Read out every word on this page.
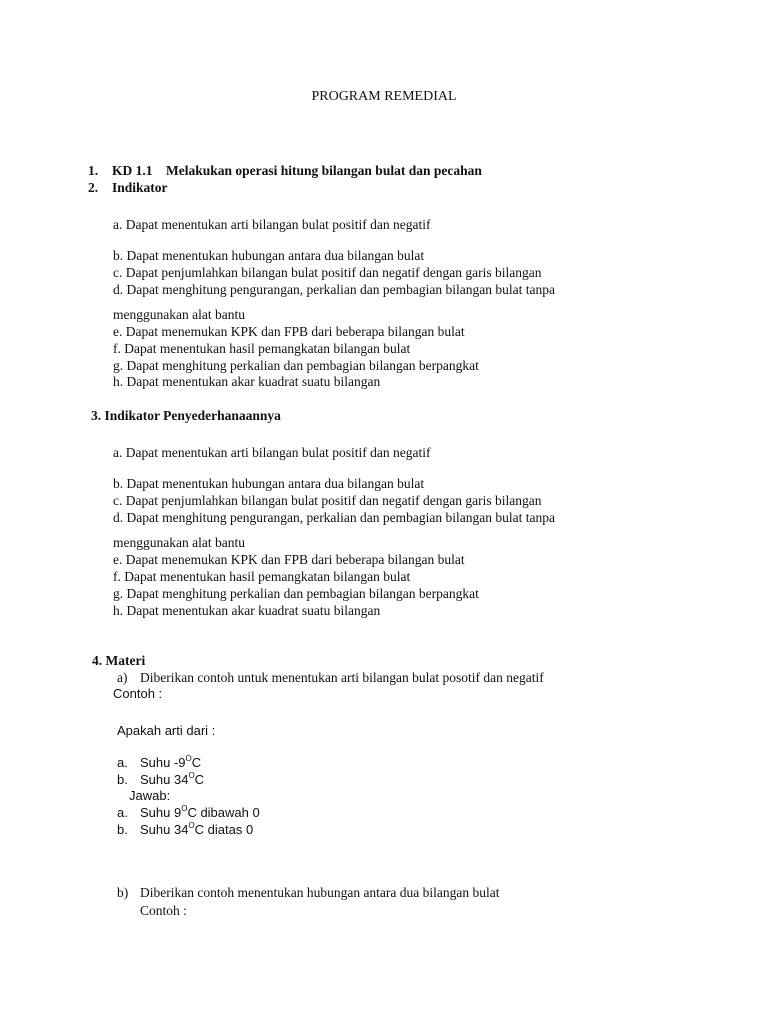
PROGRAM REMEDIAL
1. KD 1.1 Melakukan operasi hitung bilangan bulat dan pecahan
2. Indikator
a. Dapat menentukan arti bilangan bulat positif dan negatif
b. Dapat menentukan hubungan antara dua bilangan bulat
c. Dapat penjumlahkan bilangan bulat positif dan negatif dengan garis bilangan
d. Dapat menghitung pengurangan, perkalian dan pembagian bilangan bulat tanpa
menggunakan alat bantu
e. Dapat menemukan KPK dan FPB dari beberapa bilangan bulat
f. Dapat menentukan hasil pemangkatan bilangan bulat
g. Dapat menghitung perkalian dan pembagian bilangan berpangkat
h. Dapat menentukan akar kuadrat suatu bilangan
3. Indikator Penyederhanaannya
a. Dapat menentukan arti bilangan bulat positif dan negatif
b. Dapat menentukan hubungan antara dua bilangan bulat
c. Dapat penjumlahkan bilangan bulat positif dan negatif dengan garis bilangan
d. Dapat menghitung pengurangan, perkalian dan pembagian bilangan bulat tanpa
menggunakan alat bantu
e. Dapat menemukan KPK dan FPB dari beberapa bilangan bulat
f. Dapat menentukan hasil pemangkatan bilangan bulat
g. Dapat menghitung perkalian dan pembagian bilangan berpangkat
h. Dapat menentukan akar kuadrat suatu bilangan
4. Materi
a) Diberikan contoh untuk menentukan arti bilangan bulat posotif dan negatif
Contoh :
Apakah arti dari :
a. Suhu $-9^OC$
b. Suhu $34^OC$
Jawab:
a. Suhu $9^OC$ dibawah 0
b. Suhu $34^OC$ diatas 0
b) Diberikan contoh menentukan hubungan antara dua bilangan bulat
Contoh :
